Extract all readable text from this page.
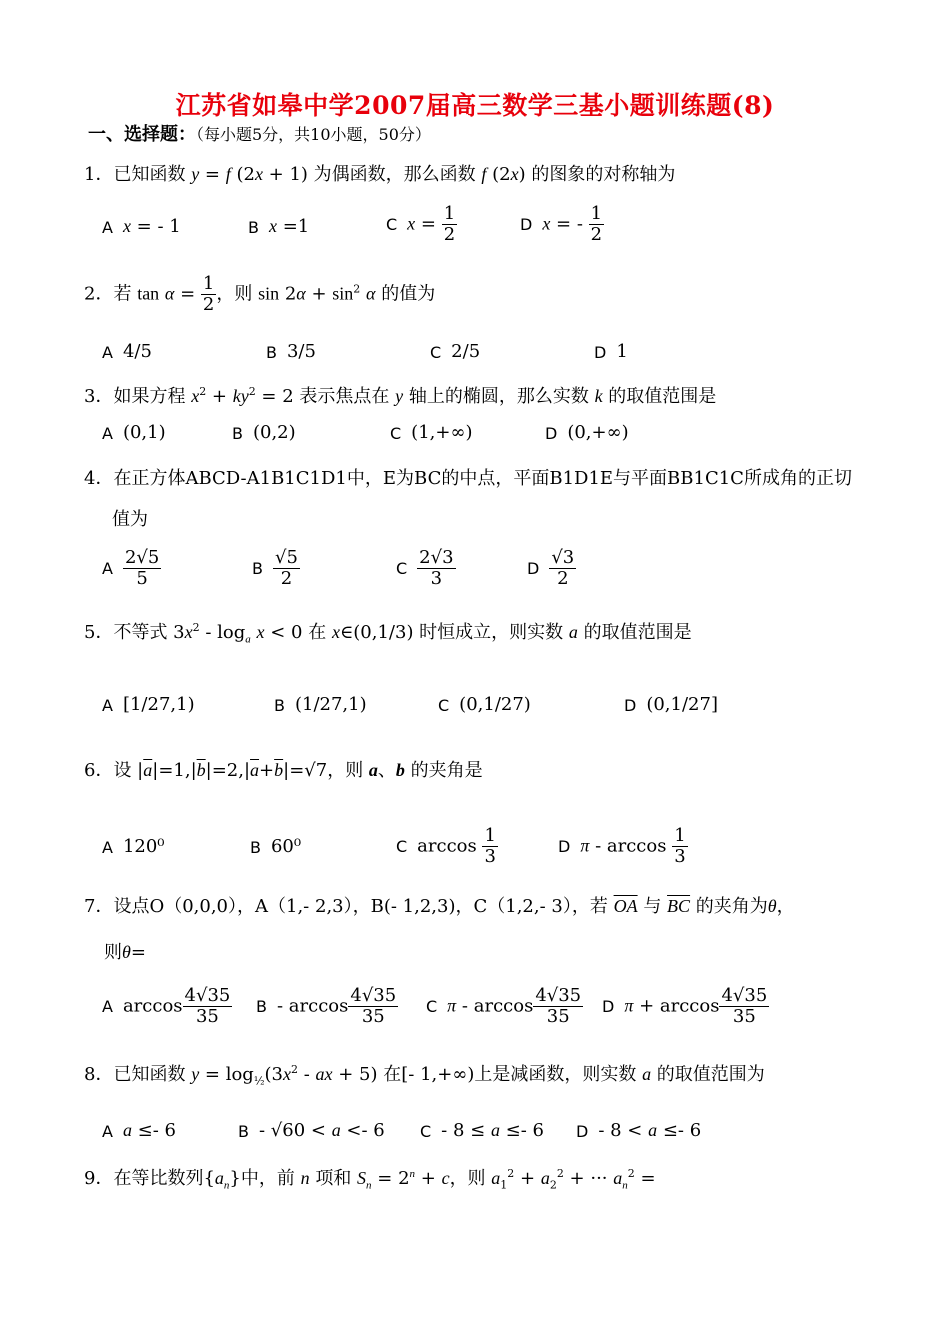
江苏省如皋中学2007届高三数学三基小题训练题(8)
一、选择题：（每小题5分，共10小题，50分）
1．已知函数 y = f (2x + 1) 为偶函数，那么函数 f (2x) 的图象的对称轴为
A x = - 1	B x =1	C $x = \frac{1}{2}$	D x = - $\frac{1}{2}$
2．若 $\tan \alpha = \frac{1}{2}$ ，则 $\sin 2\alpha + \sin^2 \alpha$ 的值为
A 4/5	B 3/5	C 2/5	D 1
3．如果方程 $x^2 + ky^2 = 2$ 表示焦点在 y 轴上的椭圆，那么实数 k 的取值范围是
A (0,1)	B (0,2)	C (1,+∞)	D (0,+∞)
4．在正方体ABCD-A1B1C1D1中，E为BC的中点，平面B1D1E与平面BB1C1C所成角的正切
值为
A $\frac{2√5}{5}$	B $\frac{√5}{2}$	C $\frac{2√3}{3}$	D $\frac{√3}{2}$
5．不等式 $3x^2 - \log_a x < 0$ 在 x∈(0,1/3) 时恒成立，则实数 a 的取值范围是
A [1/27,1)	B (1/27,1)	C (0,1/27)	D (0,1/27]
6．设 $|\overline{a}|=1,|\overline{b}|=2,|\overline{a}+\overline{b}|=√7$，则 a、b 的夹角是
A 120⁰	B 60⁰	C $\arccos \frac{1}{3}$	D π - $\arccos \frac{1}{3}$
7．设点O（0,0,0），A（1,- 2,3），B(- 1,2,3)，C（1,2,- 3），若 $\overline{OA}$ 与 $\overline{BC}$ 的夹角为θ，
则θ=
A $\arccos \frac{4√35}{35}$ B - $\arccos \frac{4√35}{35}$ C π - $\arccos \frac{4√35}{35}$ D $\pi + \arccos \frac{4√35}{35}$
8．已知函数 $y = \log_{\frac{1}{2}}(3x^2$ - ax + 5) 在[- 1,+∞)上是减函数，则实数 a 的取值范围为
A a ≤- 6	B - √60 < a <- 6 C - 8 ≤ a ≤- 6 D - 8 < a ≤- 6
9．在等比数列$\{a_n\}$中，前 n 项和 $S_n = 2^n + c$，则 $a_1^2 + a_2^2$ + ··· $a_n^2$ =
